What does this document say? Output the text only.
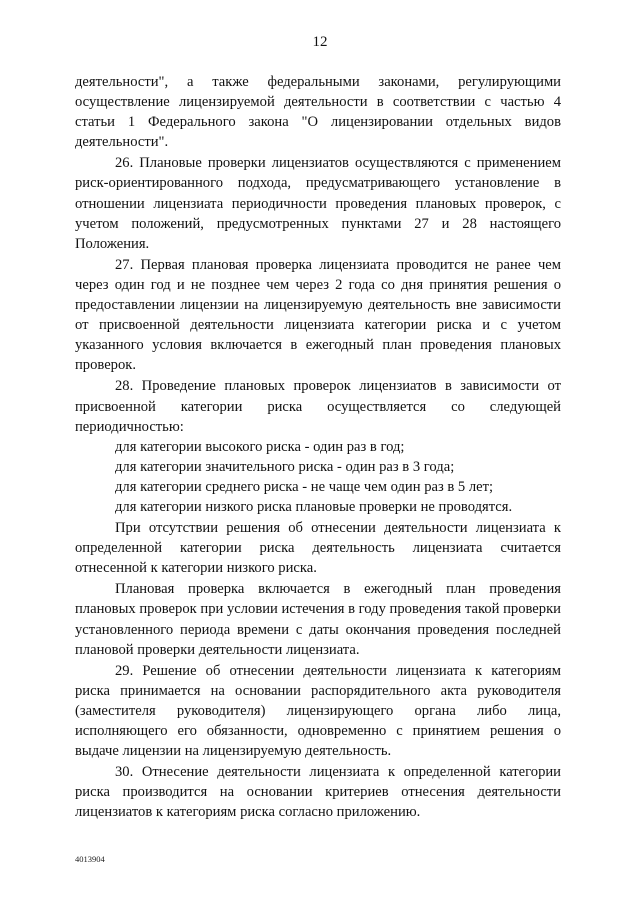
12

деятельности", а также федеральными законами, регулирующими осуществление лицензируемой деятельности в соответствии с частью 4 статьи 1 Федерального закона "О лицензировании отдельных видов деятельности".

26. Плановые проверки лицензиатов осуществляются с применением риск-ориентированного подхода, предусматривающего установление в отношении лицензиата периодичности проведения плановых проверок, с учетом положений, предусмотренных пунктами 27 и 28 настоящего Положения.

27. Первая плановая проверка лицензиата проводится не ранее чем через один год и не позднее чем через 2 года со дня принятия решения о предоставлении лицензии на лицензируемую деятельность вне зависимости от присвоенной деятельности лицензиата категории риска и с учетом указанного условия включается в ежегодный план проведения плановых проверок.

28. Проведение плановых проверок лицензиатов в зависимости от присвоенной категории риска осуществляется со следующей периодичностью:

для категории высокого риска - один раз в год;

для категории значительного риска - один раз в 3 года;

для категории среднего риска - не чаще чем один раз в 5 лет;

для категории низкого риска плановые проверки не проводятся.

При отсутствии решения об отнесении деятельности лицензиата к определенной категории риска деятельность лицензиата считается отнесенной к категории низкого риска.

Плановая проверка включается в ежегодный план проведения плановых проверок при условии истечения в году проведения такой проверки установленного периода времени с даты окончания проведения последней плановой проверки деятельности лицензиата.

29. Решение об отнесении деятельности лицензиата к категориям риска принимается на основании распорядительного акта руководителя (заместителя руководителя) лицензирующего органа либо лица, исполняющего его обязанности, одновременно с принятием решения о выдаче лицензии на лицензируемую деятельность.

30. Отнесение деятельности лицензиата к определенной категории риска производится на основании критериев отнесения деятельности лицензиатов к категориям риска согласно приложению.

4013904
